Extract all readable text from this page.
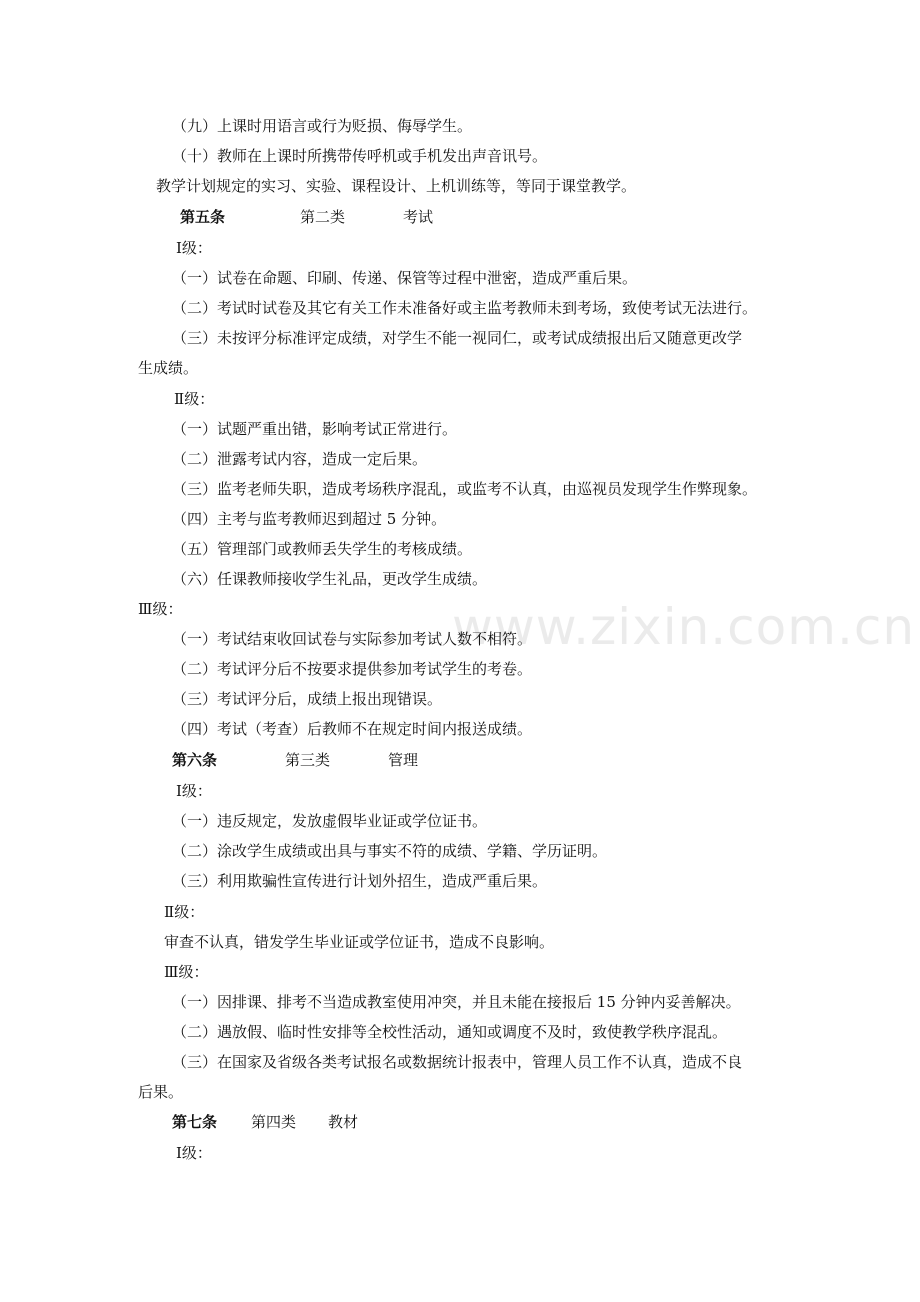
www.zixin.com.cn
（九）上课时用语言或行为贬损、侮辱学生。
（十）教师在上课时所携带传呼机或手机发出声音讯号。
教学计划规定的实习、实验、课程设计、上机训练等，等同于课堂教学。
第五条	第二类	考试
Ⅰ级：
（一）试卷在命题、印刷、传递、保管等过程中泄密，造成严重后果。
（二）考试时试卷及其它有关工作未准备好或主监考教师未到考场，致使考试无法进行。
（三）未按评分标准评定成绩，对学生不能一视同仁，或考试成绩报出后又随意更改学
生成绩。
Ⅱ级：
（一）试题严重出错，影响考试正常进行。
（二）泄露考试内容，造成一定后果。
（三）监考老师失职，造成考场秩序混乱，或监考不认真，由巡视员发现学生作弊现象。
（四）主考与监考教师迟到超过 5 分钟。
（五）管理部门或教师丢失学生的考核成绩。
（六）任课教师接收学生礼品，更改学生成绩。
Ⅲ级：
（一）考试结束收回试卷与实际参加考试人数不相符。
（二）考试评分后不按要求提供参加考试学生的考卷。
（三）考试评分后，成绩上报出现错误。
（四）考试（考查）后教师不在规定时间内报送成绩。
第六条	第三类	管理
Ⅰ级：
（一）违反规定，发放虚假毕业证或学位证书。
（二）涂改学生成绩或出具与事实不符的成绩、学籍、学历证明。
（三）利用欺骗性宣传进行计划外招生，造成严重后果。
Ⅱ级：
审查不认真，错发学生毕业证或学位证书，造成不良影响。
Ⅲ级：
（一）因排课、排考不当造成教室使用冲突，并且未能在接报后 15 分钟内妥善解决。
（二）遇放假、临时性安排等全校性活动，通知或调度不及时，致使教学秩序混乱。
（三）在国家及省级各类考试报名或数据统计报表中，管理人员工作不认真，造成不良
后果。
第七条 第四类 教材
Ⅰ级：
